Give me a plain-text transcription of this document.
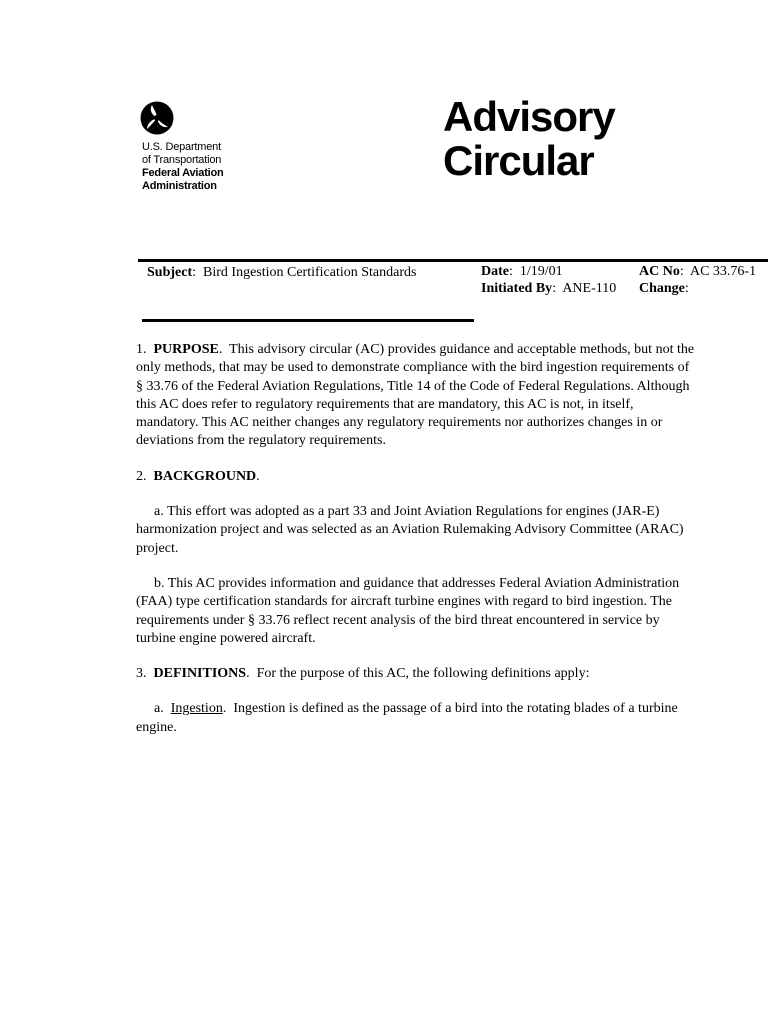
U.S. Department
of Transportation
Federal Aviation
Administration
Advisory
Circular
Subject:  Bird Ingestion Certification Standards	Date:  1/19/01
Initiated By:  ANE-110
AC No:  AC 33.76-1
Change:

1. PURPOSE.  This advisory circular (AC) provides guidance and acceptable methods, but not the only methods, that may be used to demonstrate compliance with the bird ingestion requirements of § 33.76 of the Federal Aviation Regulations, Title 14 of the Code of Federal Regulations. Although this AC does refer to regulatory requirements that are mandatory, this AC is not, in itself, mandatory. This AC neither changes any regulatory requirements nor authorizes changes in or deviations from the regulatory requirements.

2. BACKGROUND.

a. This effort was adopted as a part 33 and Joint Aviation Regulations for engines (JAR-E) harmonization project and was selected as an Aviation Rulemaking Advisory Committee (ARAC) project.

b. This AC provides information and guidance that addresses Federal Aviation Administration (FAA) type certification standards for aircraft turbine engines with regard to bird ingestion. The requirements under § 33.76 reflect recent analysis of the bird threat encountered in service by turbine engine powered aircraft.

3. DEFINITIONS.  For the purpose of this AC, the following definitions apply:

a. Ingestion.  Ingestion is defined as the passage of a bird into the rotating blades of a turbine engine.
